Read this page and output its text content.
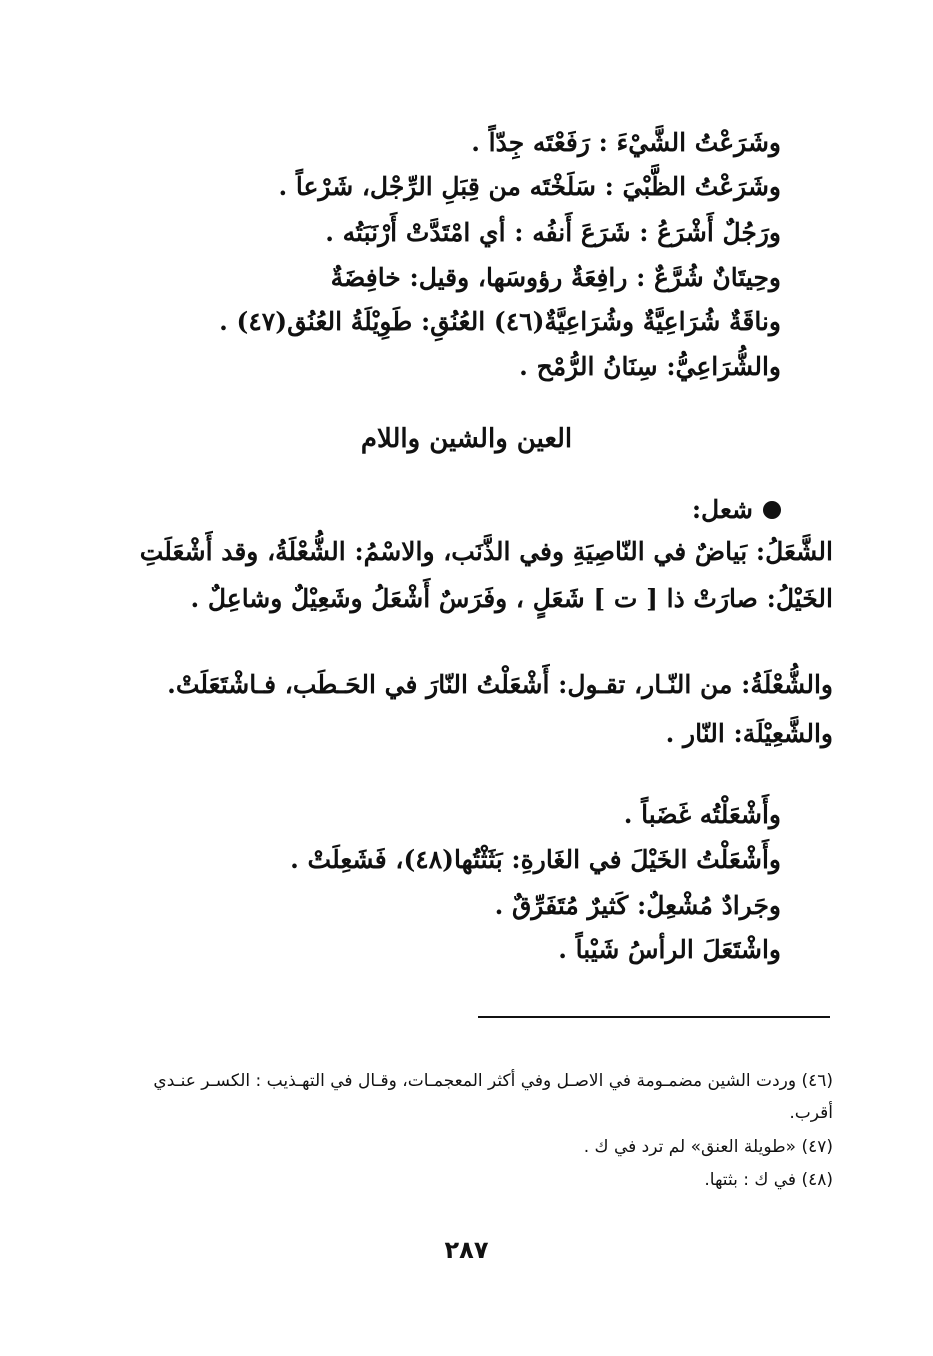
وشَرَعْتُ الشَّيْءَ : رَفَعْتَه جِدّاً .
وشَرَعْتُ الظَّبْيَ : سَلَخْتَه من قِبَلِ الرِّجْل، شَرْعاً .
ورَجُلٌ أَشْرَعُ : شَرَعَ أَنفُه : أي امْتَدَّتْ أَرْنَبَتُه .
وحِيتَانٌ شُرَّعٌ : رافِعَةٌ رؤوسَها، وقيل: خافِضَةٌ
وناقَةٌ شُرَاعِيَّةٌ وشُرَاعِيَّةٌ(٤٦) العُنُقِ: طَوِيْلَةُ العُنُق(٤٧) .
والشُّرَاعِيُّ: سِنَانُ الرُّمْح .
العين والشين واللام
شعل:
الشَّعَلُ: بَياضٌ في النّاصِيَةِ وفي الذَّنَب، والاسْمُ: الشُّعْلَةُ، وقد أَشْعَلَتِ
الخَيْلُ: صارَتْ ذا [ ت ] شَعَلٍ ، وفَرَسٌ أَشْعَلُ وشَعِيْلٌ وشاعِلٌ .
والشُّعْلَةُ: من النّـار، تقـول: أَشْعَلْتُ النّارَ في الحَـطَب، فـاشْتَعَلَتْ.
والشَّعِيْلَة: النّار .
وأَشْعَلْتُه غَضَباً .
وأَشْعَلْتُ الخَيْلَ في الغَارةِ: بَثَثْتُها(٤٨)، فَشَعِلَتْ .
وجَرادٌ مُشْعِلٌ: كَثيرٌ مُتَفَرِّقٌ .
واشْتَعَلَ الرأسُ شَيْباً .
(٤٦) وردت الشين مضمـومة في الاصـل وفي أكثر المعجمـات، وقـال في التهـذيب : الكسـر عنـدي
أقرب.
(٤٧) «طويلة العنق» لم ترد في ك .
(٤٨) في ك : بثتها.
٢٨٧
